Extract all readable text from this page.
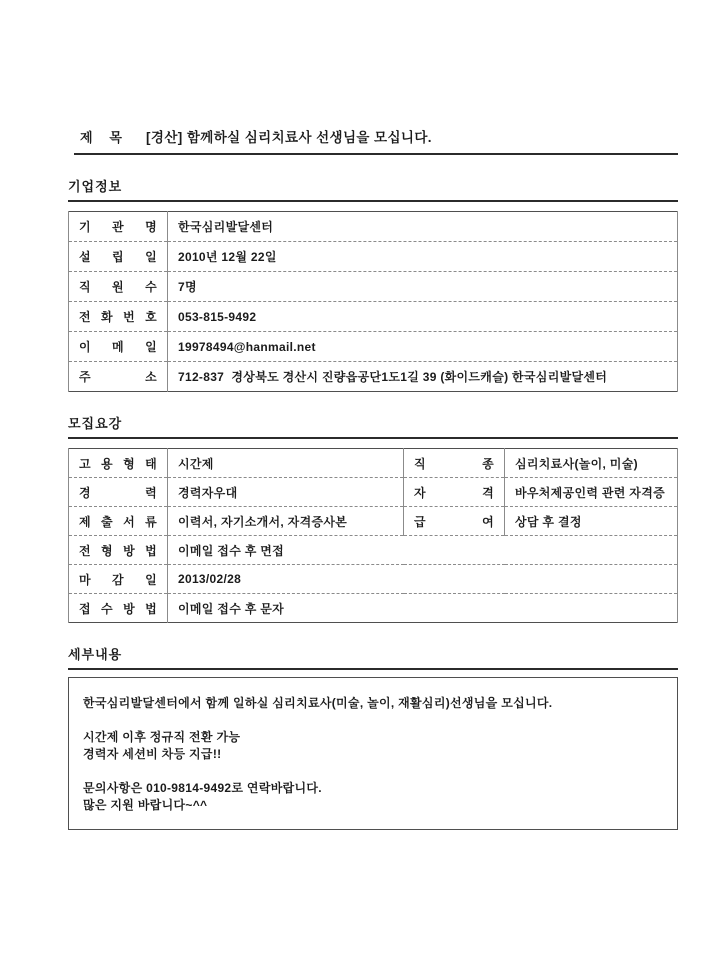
제 목 [경산] 함께하실 심리치료사 선생님을 모십니다.
기업정보
기 관 명	한국심리발달센터
설 립 일	2010년 12월 22일
직 원 수	7명
전 화 번 호	053-815-9492
이 메 일	19978494@hanmail.net
주 소	712-837  경상북도 경산시 진량읍공단1도1길 39 (화이드캐슬) 한국심리발달센터
모집요강
고 용 형 태	시간제	직 종	심리치료사(놀이, 미술)
경 력	경력자우대	자 격	바우처제공인력 관련 자격증
제 출 서 류	이력서, 자기소개서, 자격증사본	급 여	상담 후 결정
전 형 방 법	이메일 접수 후 면접		
마 감 일	2013/02/28		
접 수 방 법	이메일 접수 후 문자		
세부내용
한국심리발달센터에서 함께 일하실 심리치료사(미술, 놀이, 재활심리)선생님을 모십니다.
시간제 이후 정규직 전환 가능
경력자 세션비 차등 지급!!
문의사항은 010-9814-9492로 연락바랍니다.
많은 지원 바랍니다~^^
